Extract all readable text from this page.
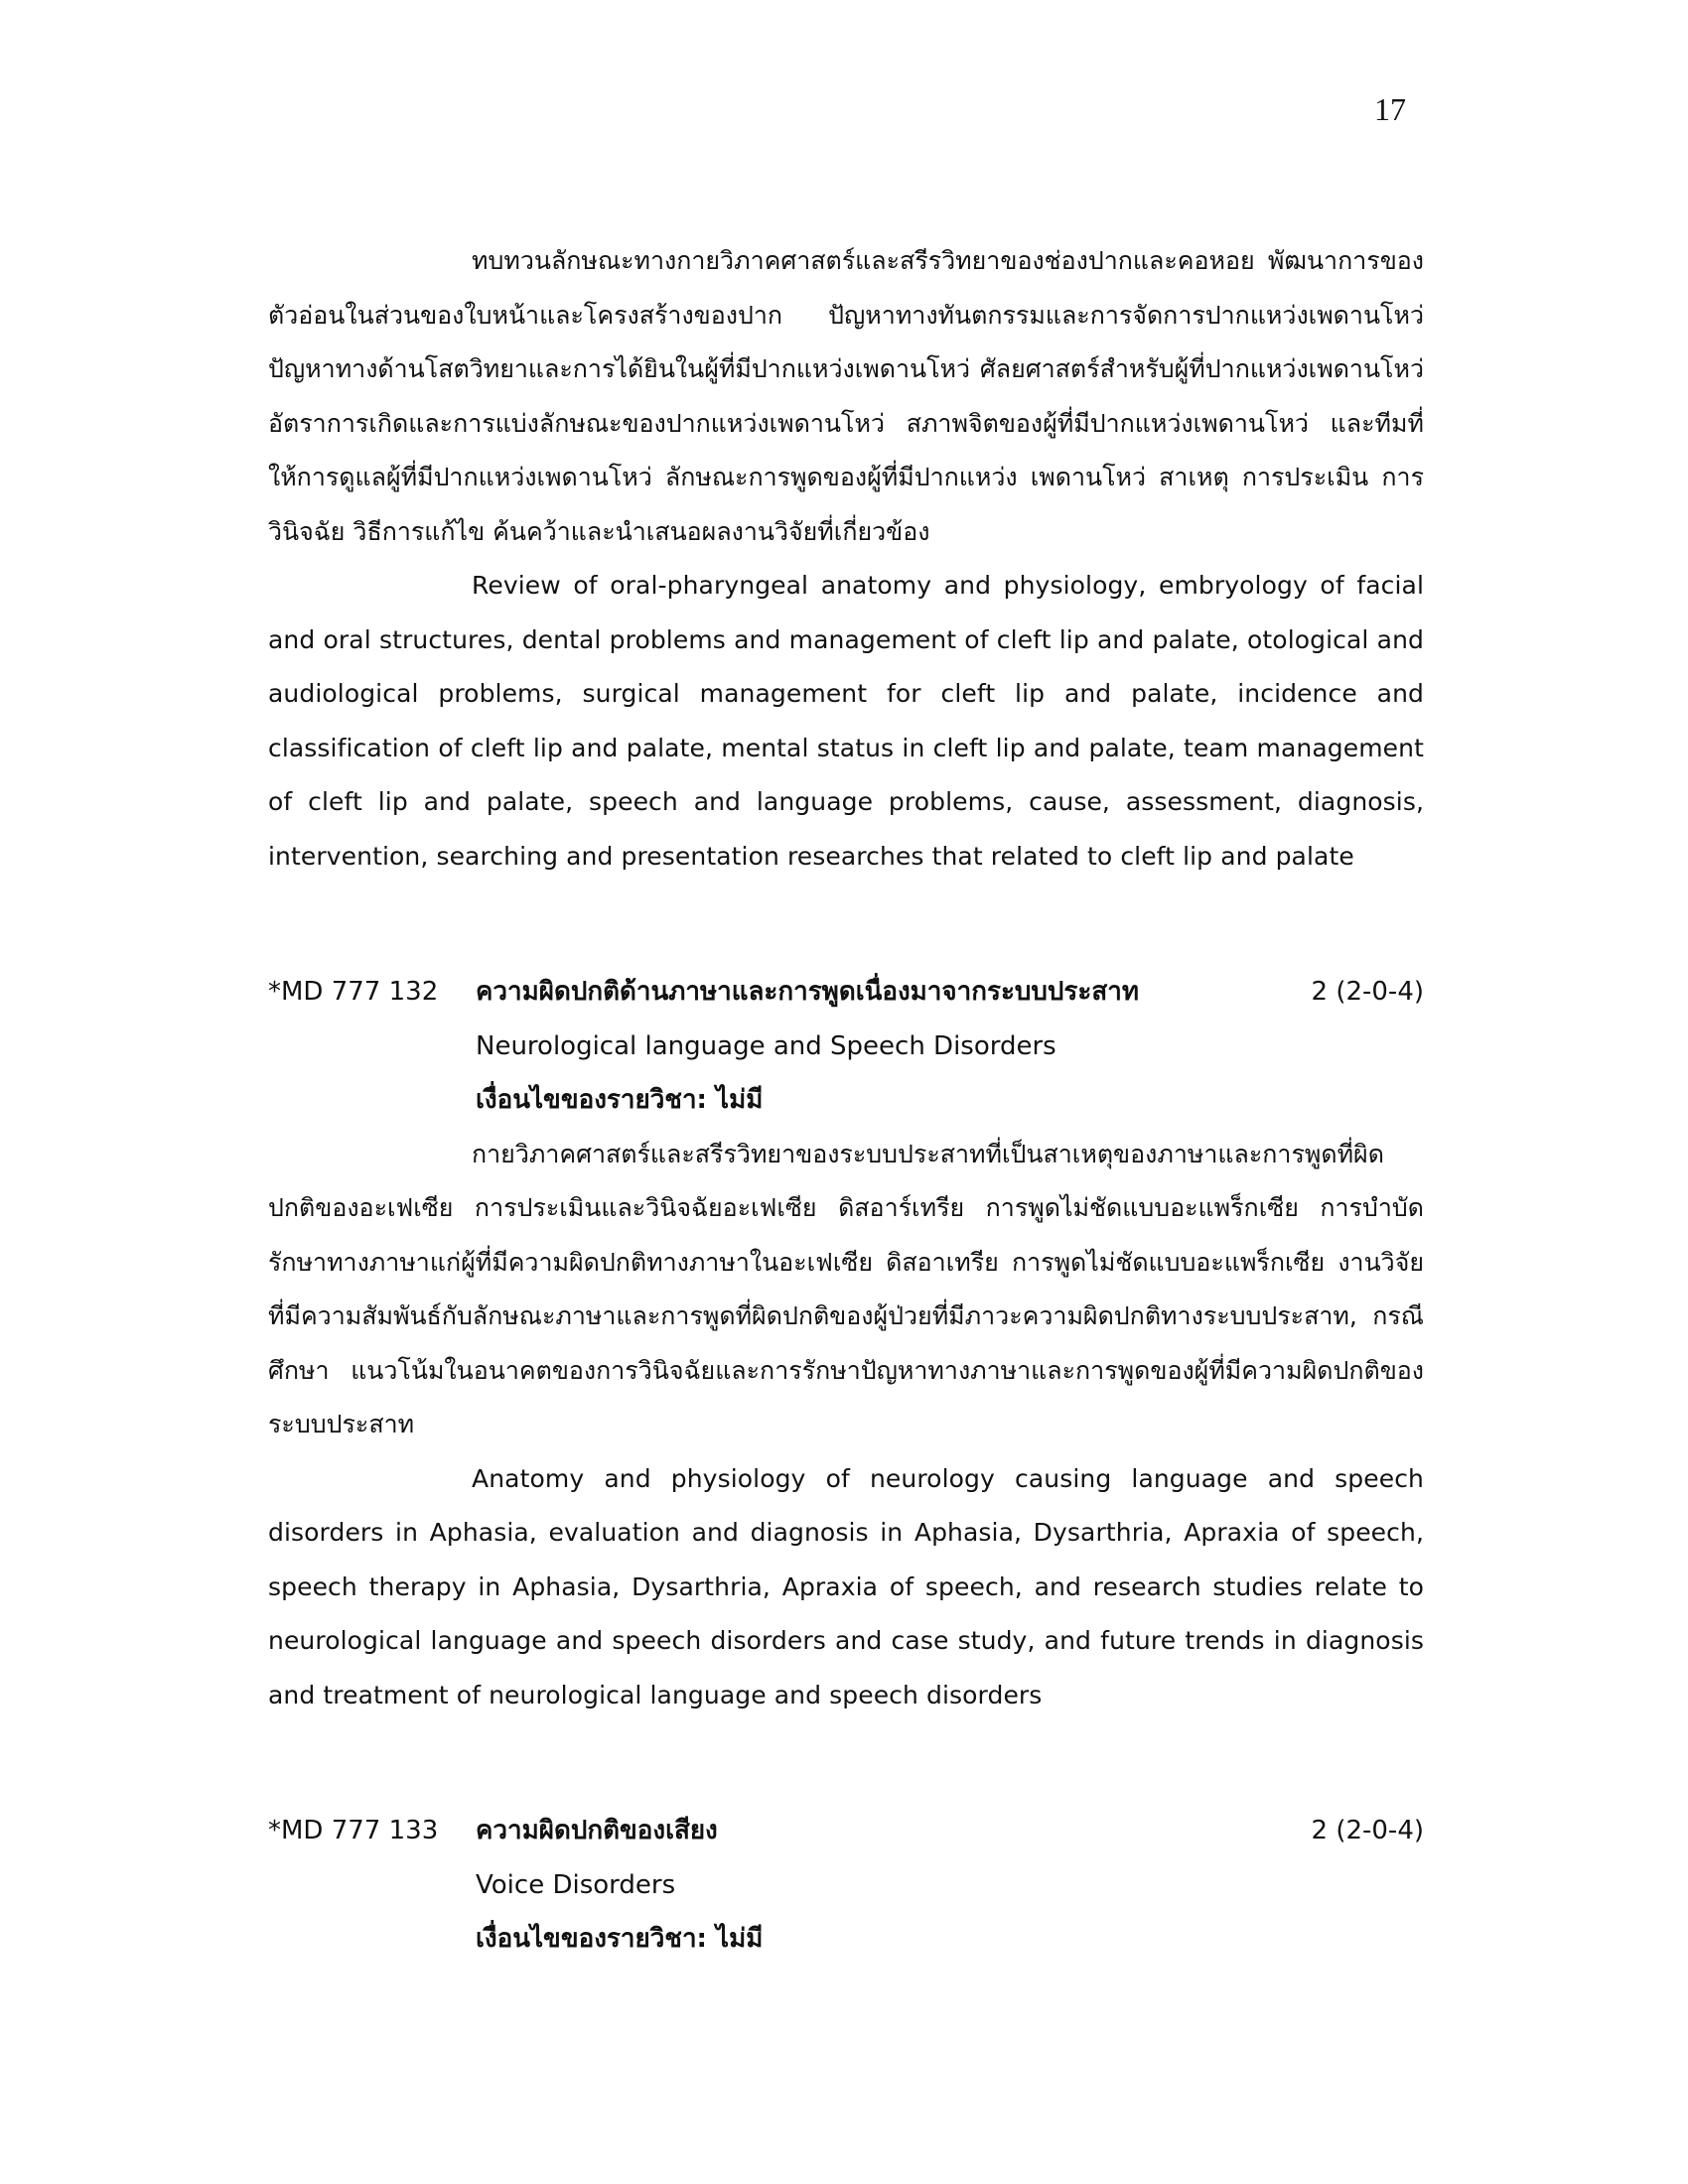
17

ทบทวนลักษณะทางกายวิภาคศาสตร์และสรีรวิทยาของช่องปากและคอหอย พัฒนาการของตัวอ่อนในส่วนของใบหน้าและโครงสร้างของปาก ปัญหาทางทันตกรรมและการจัดการปากแหว่งเพดานโหว่ ปัญหาทางด้านโสตวิทยาและการได้ยินในผู้ที่มีปากแหว่งเพดานโหว่ ศัลยศาสตร์สำหรับผู้ที่ปากแหว่งเพดานโหว่ อัตราการเกิดและการแบ่งลักษณะของปากแหว่งเพดานโหว่ สภาพจิตของผู้ที่มีปากแหว่งเพดานโหว่ และทีมที่ให้การดูแลผู้ที่มีปากแหว่งเพดานโหว่ ลักษณะการพูดของผู้ที่มีปากแหว่ง เพดานโหว่ สาเหตุ การประเมิน การวินิจฉัย วิธีการแก้ไข ค้นคว้าและนำเสนอผลงานวิจัยที่เกี่ยวข้อง

Review of oral-pharyngeal anatomy and physiology, embryology of facial and oral structures, dental problems and management of cleft lip and palate, otological and audiological problems, surgical management for cleft lip and palate, incidence and classification of cleft lip and palate, mental status in cleft lip and palate, team management of cleft lip and palate, speech and language problems, cause, assessment, diagnosis, intervention, searching and presentation researches that related to cleft lip and palate

*MD 777 132	ความผิดปกติด้านภาษาและการพูดเนื่องมาจากระบบประสาท	2 (2-0-4)
Neurological language and Speech Disorders
เงื่อนไขของรายวิชา: ไม่มี

กายวิภาคศาสตร์และสรีรวิทยาของระบบประสาทที่เป็นสาเหตุของภาษาและการพูดที่ผิดปกติของอะเฟเซีย การประเมินและวินิจฉัยอะเฟเซีย ดิสอาร์เทรีย การพูดไม่ชัดแบบอะแพร็กเซีย การบำบัดรักษาทางภาษาแก่ผู้ที่มีความผิดปกติทางภาษาในอะเฟเซีย ดิสอาเทรีย การพูดไม่ชัดแบบอะแพร็กเซีย งานวิจัยที่มีความสัมพันธ์กับลักษณะภาษาและการพูดที่ผิดปกติของผู้ป่วยที่มีภาวะความผิดปกติทางระบบประสาท, กรณีศึกษา แนวโน้มในอนาคตของการวินิจฉัยและการรักษาปัญหาทางภาษาและการพูดของผู้ที่มีความผิดปกติของระบบประสาท

Anatomy and physiology of neurology causing language and speech disorders in Aphasia, evaluation and diagnosis in Aphasia, Dysarthria, Apraxia of speech, speech therapy in Aphasia, Dysarthria, Apraxia of speech, and research studies relate to neurological language and speech disorders and case study, and future trends in diagnosis and treatment of neurological language and speech disorders

*MD 777 133	ความผิดปกติของเสียง	2 (2-0-4)
Voice Disorders
เงื่อนไขของรายวิชา: ไม่มี
